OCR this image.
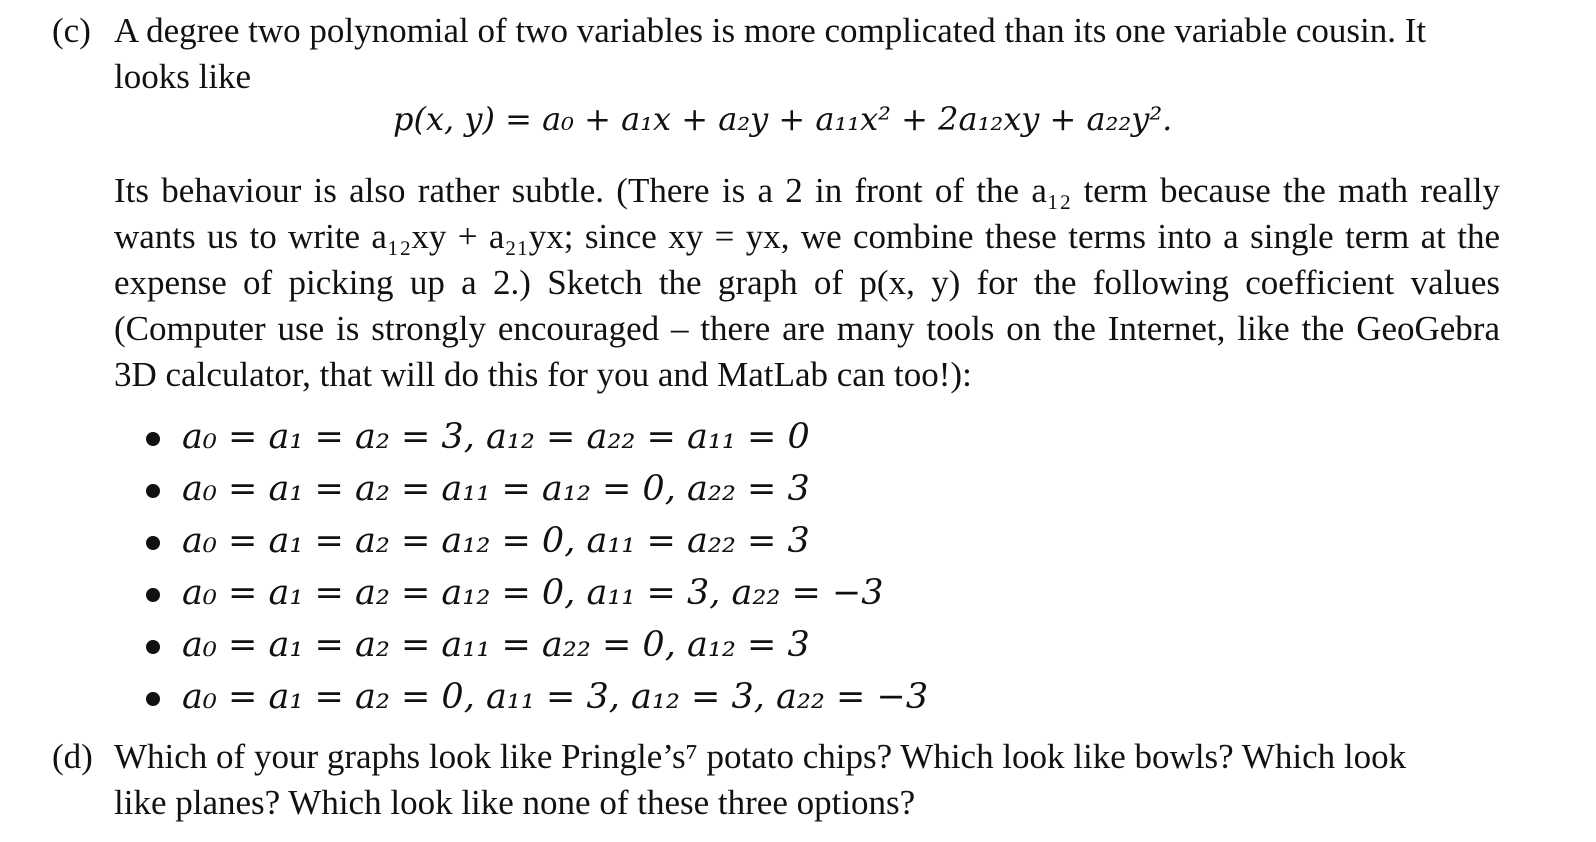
(c) A degree two polynomial of two variables is more complicated than its one variable cousin. It
looks like
p(x, y) = a₀ + a₁x + a₂y + a₁₁x² + 2a₁₂xy + a₂₂y².
Its behaviour is also rather subtle. (There is a 2 in front of the a₁₂ term because the math really wants us to write a₁₂xy + a₂₁yx; since xy = yx, we combine these terms into a single term at the expense of picking up a 2.) Sketch the graph of p(x, y) for the following coefficient values (Computer use is strongly encouraged – there are many tools on the Internet, like the GeoGebra 3D calculator, that will do this for you and MatLab can too!):
a₀ = a₁ = a₂ = 3, a₁₂ = a₂₂ = a₁₁ = 0
a₀ = a₁ = a₂ = a₁₁ = a₁₂ = 0, a₂₂ = 3
a₀ = a₁ = a₂ = a₁₂ = 0, a₁₁ = a₂₂ = 3
a₀ = a₁ = a₂ = a₁₂ = 0, a₁₁ = 3, a₂₂ = −3
a₀ = a₁ = a₂ = a₁₁ = a₂₂ = 0, a₁₂ = 3
a₀ = a₁ = a₂ = 0, a₁₁ = 3, a₁₂ = 3, a₂₂ = −3
(d) Which of your graphs look like Pringle’s⁷ potato chips? Which look like bowls? Which look
like planes? Which look like none of these three options?
